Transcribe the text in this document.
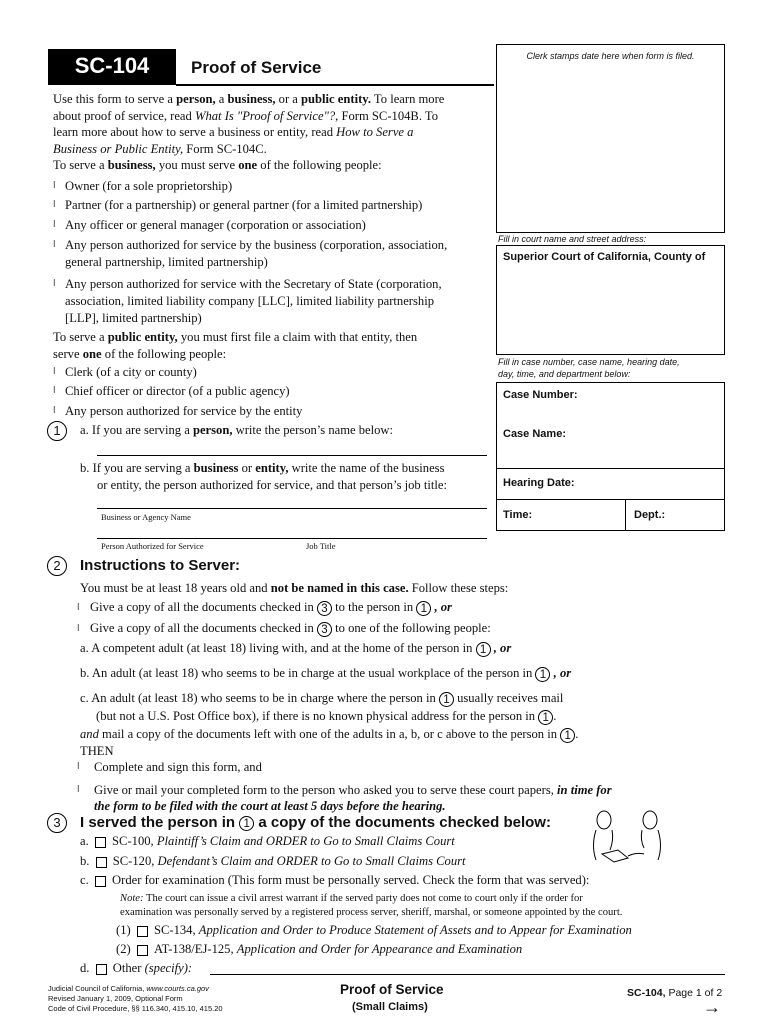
SC-104	Proof of Service
Clerk stamps date here when form is filed.
Fill in court name and street address:
Superior Court of California, County of
Fill in case number, case name, hearing date,
day, time, and department below:
Case Number:
Case Name:
Hearing Date:
Time:	Dept.:
Use this form to serve a person, a business, or a public entity. To learn more
about proof of service, read What Is "Proof of Service"?, Form SC-104B. To
learn more about how to serve a business or entity, read How to Serve a
Business or Public Entity, Form SC-104C.
To serve a business, you must serve one of the following people:
l Owner (for a sole proprietorship)
l Partner (for a partnership) or general partner (for a limited partnership)
l Any officer or general manager (corporation or association)
l Any person authorized for service by the business (corporation, association,
general partnership, limited partnership)
l Any person authorized for service with the Secretary of State (corporation,
association, limited liability company [LLC], limited liability partnership
[LLP], limited partnership)
To serve a public entity, you must first file a claim with that entity, then
serve one of the following people:
l Clerk (of a city or county)
l Chief officer or director (of a public agency)
l Any person authorized for service by the entity
1	a. If you are serving a person, write the person’s name below:
b. If you are serving a business or entity, write the name of the business
or entity, the person authorized for service, and that person’s job title:
Business or Agency Name
Person Authorized for Service	Job Title
2	Instructions to Server:
You must be at least 18 years old and not be named in this case. Follow these steps:
l Give a copy of all the documents checked in 3 to the person in 1 , or
l Give a copy of all the documents checked in 3 to one of the following people:
a. A competent adult (at least 18) living with, and at the home of the person in 1 , or
b. An adult (at least 18) who seems to be in charge at the usual workplace of the person in 1 , or
c. An adult (at least 18) who seems to be in charge where the person in 1 usually receives mail
(but not a U.S. Post Office box), if there is no known physical address for the person in 1 .
and mail a copy of the documents left with one of the adults in a, b, or c above to the person in 1 .
THEN
l Complete and sign this form, and
l Give or mail your completed form to the person who asked you to serve these court papers, in time for
the form to be filed with the court at least 5 days before the hearing.
3	I served the person in 1 a copy of the documents checked below:
a. SC-100, Plaintiff’s Claim and ORDER to Go to Small Claims Court
b. SC-120, Defendant’s Claim and ORDER to Go to Small Claims Court
c. Order for examination (This form must be personally served. Check the form that was served):
Note: The court can issue a civil arrest warrant if the served party does not come to court only if the order for
examination was personally served by a registered process server, sheriff, marshal, or someone appointed by the court.
(1) SC-134, Application and Order to Produce Statement of Assets and to Appear for Examination
(2) AT-138/EJ-125, Application and Order for Appearance and Examination
d. Other (specify):
Judicial Council of California, www.courts.ca.gov
Revised January 1, 2009, Optional Form
Code of Civil Procedure, §§ 116.340, 415.10, 415.20
Proof of Service
(Small Claims)
SC-104, Page 1 of 2
→
